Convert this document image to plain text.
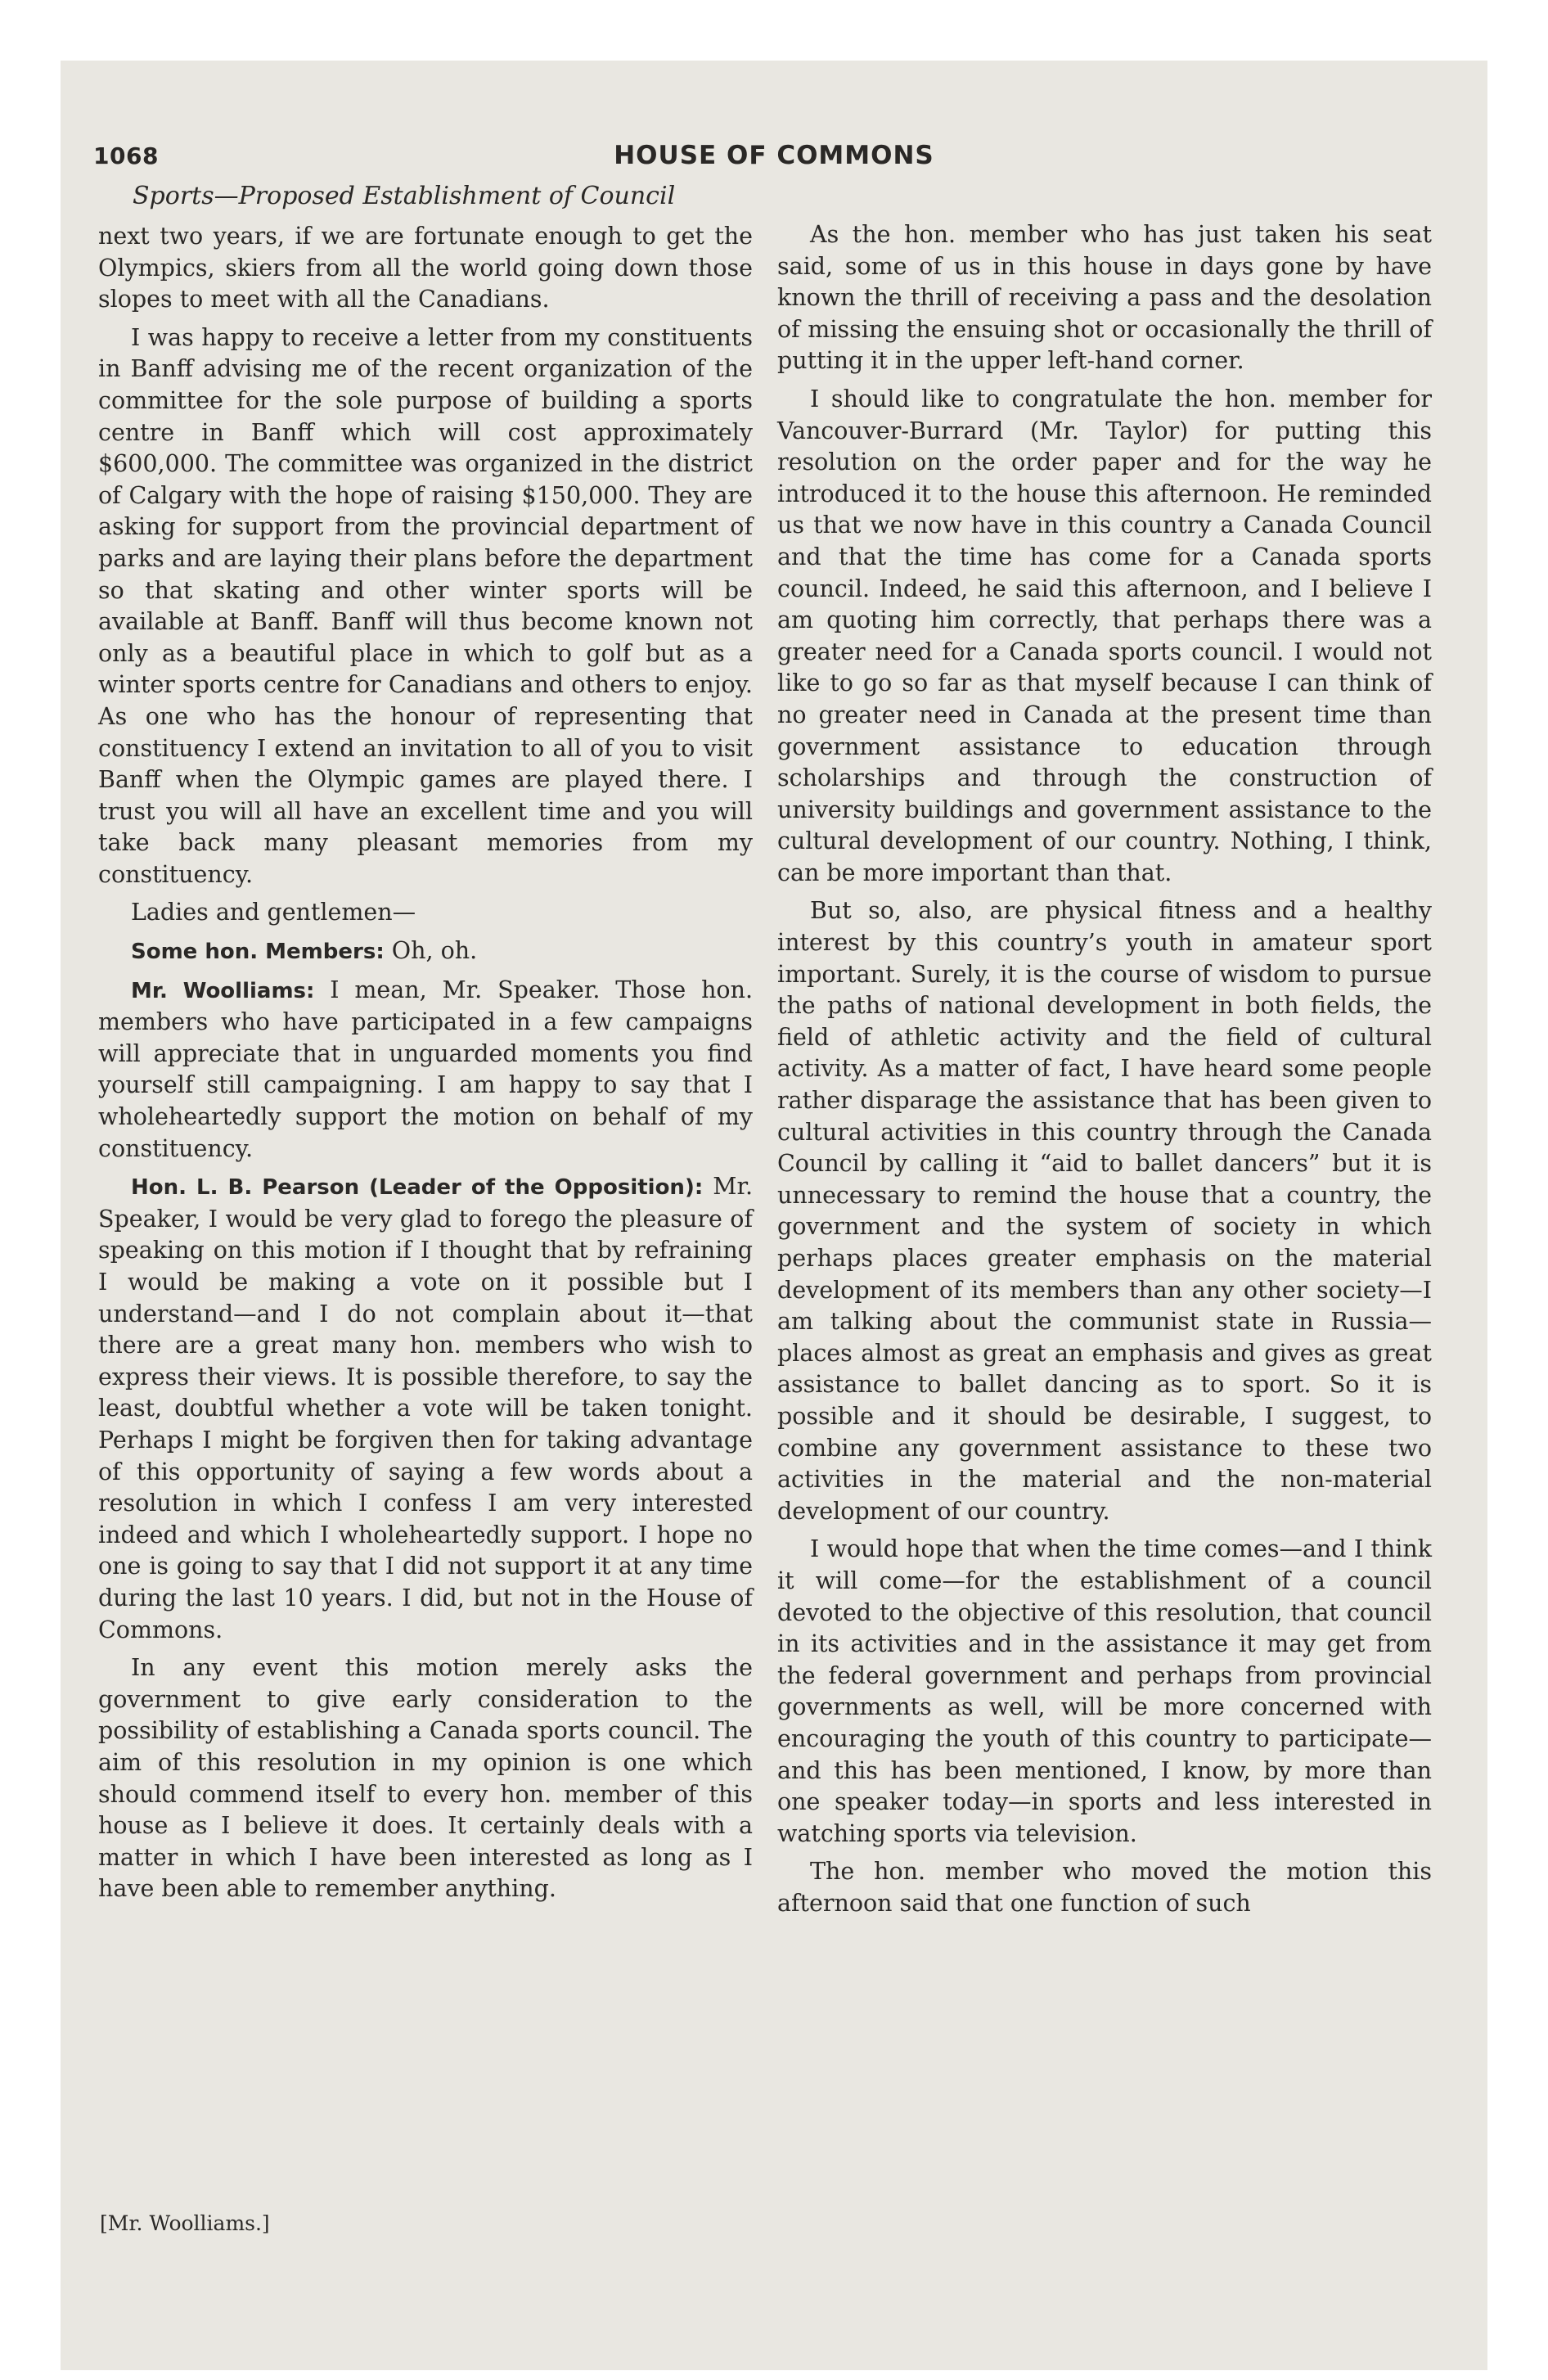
1068	HOUSE OF COMMONS
Sports—Proposed Establishment of Council

next two years, if we are fortunate enough to get the Olympics, skiers from all the world going down those slopes to meet with all the Canadians.

I was happy to receive a letter from my constituents in Banff advising me of the recent organization of the committee for the sole purpose of building a sports centre in Banff which will cost approximately $600,000. The committee was organized in the district of Calgary with the hope of raising $150,000. They are asking for support from the provincial department of parks and are laying their plans before the department so that skating and other winter sports will be available at Banff. Banff will thus become known not only as a beautiful place in which to golf but as a winter sports centre for Canadians and others to enjoy. As one who has the honour of representing that constituency I extend an invitation to all of you to visit Banff when the Olympic games are played there. I trust you will all have an excellent time and you will take back many pleasant memories from my constituency.

Ladies and gentlemen—

Some hon. Members: Oh, oh.

Mr. Woolliams: I mean, Mr. Speaker. Those hon. members who have participated in a few campaigns will appreciate that in unguarded moments you find yourself still campaigning. I am happy to say that I wholeheartedly support the motion on behalf of my constituency.

Hon. L. B. Pearson (Leader of the Opposition): Mr. Speaker, I would be very glad to forego the pleasure of speaking on this motion if I thought that by refraining I would be making a vote on it possible but I understand—and I do not complain about it—that there are a great many hon. members who wish to express their views. It is possible therefore, to say the least, doubtful whether a vote will be taken tonight. Perhaps I might be forgiven then for taking advantage of this opportunity of saying a few words about a resolution in which I confess I am very interested indeed and which I wholeheartedly support. I hope no one is going to say that I did not support it at any time during the last 10 years. I did, but not in the House of Commons.

In any event this motion merely asks the government to give early consideration to the possibility of establishing a Canada sports council. The aim of this resolution in my opinion is one which should commend itself to every hon. member of this house as I believe it does. It certainly deals with a matter in which I have been interested as long as I have been able to remember anything.

As the hon. member who has just taken his seat said, some of us in this house in days gone by have known the thrill of receiving a pass and the desolation of missing the ensuing shot or occasionally the thrill of putting it in the upper left-hand corner.

I should like to congratulate the hon. member for Vancouver-Burrard (Mr. Taylor) for putting this resolution on the order paper and for the way he introduced it to the house this afternoon. He reminded us that we now have in this country a Canada Council and that the time has come for a Canada sports council. Indeed, he said this afternoon, and I believe I am quoting him correctly, that perhaps there was a greater need for a Canada sports council. I would not like to go so far as that myself because I can think of no greater need in Canada at the present time than government assistance to education through scholarships and through the construction of university buildings and government assistance to the cultural development of our country. Nothing, I think, can be more important than that.

But so, also, are physical fitness and a healthy interest by this country’s youth in amateur sport important. Surely, it is the course of wisdom to pursue the paths of national development in both fields, the field of athletic activity and the field of cultural activity. As a matter of fact, I have heard some people rather disparage the assistance that has been given to cultural activities in this country through the Canada Council by calling it “aid to ballet dancers” but it is unnecessary to remind the house that a country, the government and the system of society in which perhaps places greater emphasis on the material development of its members than any other society—I am talking about the communist state in Russia—places almost as great an emphasis and gives as great assistance to ballet dancing as to sport. So it is possible and it should be desirable, I suggest, to combine any government assistance to these two activities in the material and the non-material development of our country.

I would hope that when the time comes—and I think it will come—for the establishment of a council devoted to the objective of this resolution, that council in its activities and in the assistance it may get from the federal government and perhaps from provincial governments as well, will be more concerned with encouraging the youth of this country to participate—and this has been mentioned, I know, by more than one speaker today—in sports and less interested in watching sports via television.

The hon. member who moved the motion this afternoon said that one function of such

[Mr. Woolliams.]
